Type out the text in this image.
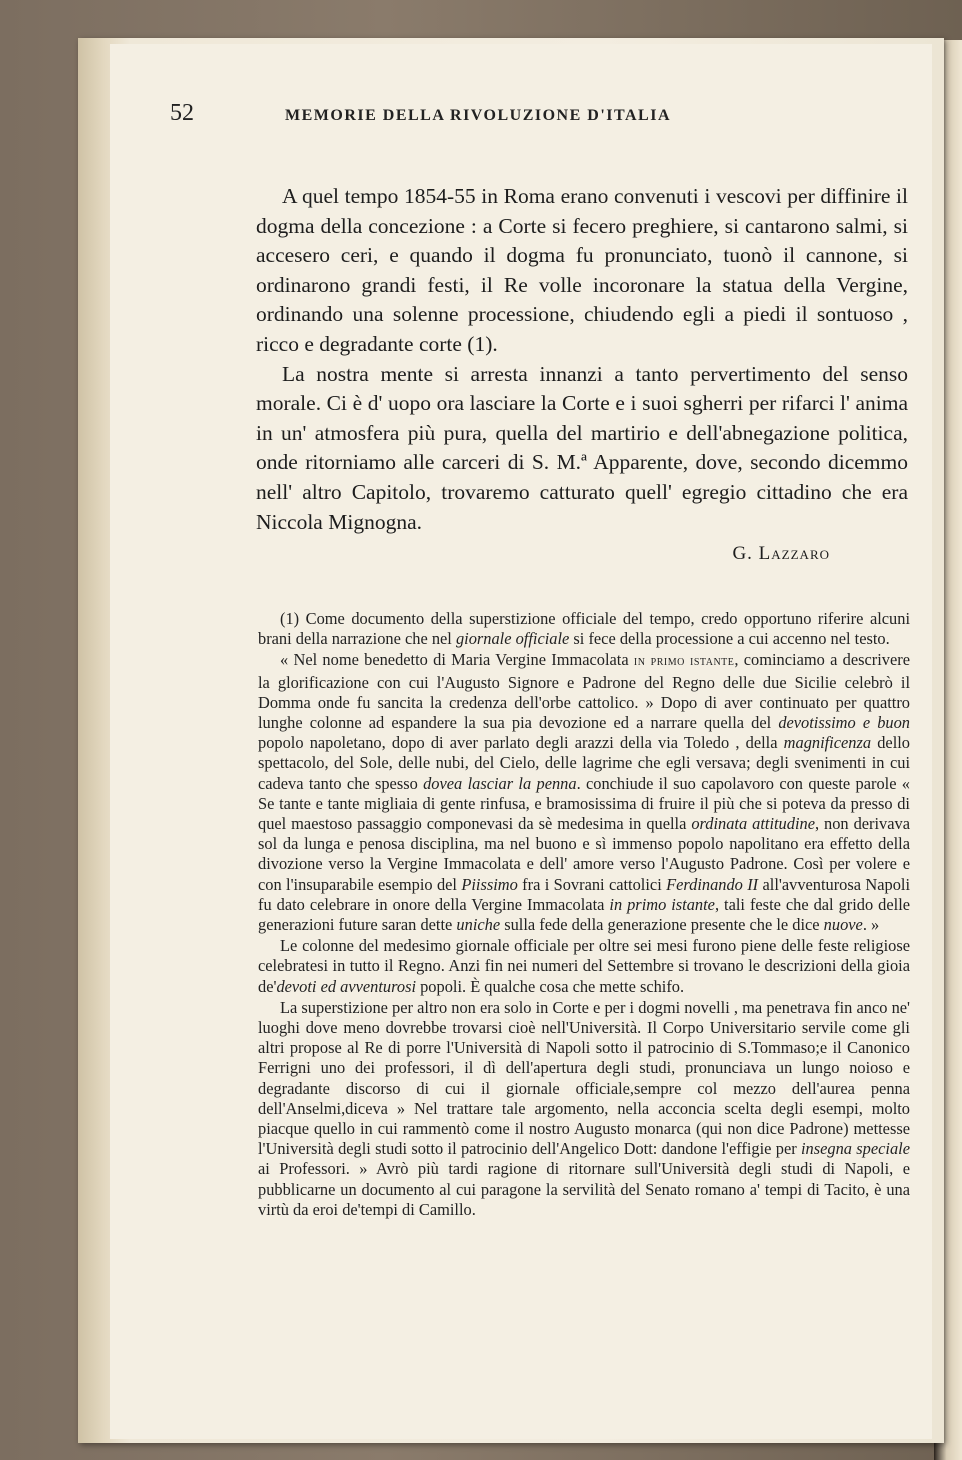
52	MEMORIE DELLA RIVOLUZIONE D'ITALIA

A quel tempo 1854-55 in Roma erano convenuti i vescovi per diffinire il dogma della concezione : a Corte si fecero preghiere, si cantarono salmi, si accesero ceri, e quando il dogma fu pronunciato, tuonò il cannone, si ordinarono grandi festi, il Re volle incoronare la statua della Vergine, ordinando una solenne processione, chiudendo egli a piedi il sontuoso , ricco e degradante corte (1).

La nostra mente si arresta innanzi a tanto pervertimento del senso morale. Ci è d' uopo ora lasciare la Corte e i suoi sgherri per rifarci l' anima in un' atmosfera più pura, quella del martirio e dell'abnegazione politica, onde ritorniamo alle carceri di S. M.ª Apparente, dove, secondo dicemmo nell' altro Capitolo, trovaremo catturato quell' egregio cittadino che era Niccola Mignogna.

G. Lazzaro

(1) Come documento della superstizione officiale del tempo, credo opportuno riferire alcuni brani della narrazione che nel giornale officiale si fece della processione a cui accenno nel testo.

« Nel nome benedetto di Maria Vergine Immacolata in primo istante, cominciamo a descrivere la glorificazione con cui l'Augusto Signore e Padrone del Regno delle due Sicilie celebrò il Domma onde fu sancita la credenza dell'orbe cattolico. » Dopo di aver continuato per quattro lunghe colonne ad espandere la sua pia devozione ed a narrare quella del devotissimo e buon popolo napoletano, dopo di aver parlato degli arazzi della via Toledo , della magnificenza dello spettacolo, del Sole, delle nubi, del Cielo, delle lagrime che egli versava; degli svenimenti in cui cadeva tanto che spesso dovea lasciar la penna. conchiude il suo capolavoro con queste parole « Se tante e tante migliaia di gente rinfusa, e bramosissima di fruire il più che si poteva da presso di quel maestoso passaggio componevasi da sè medesima in quella ordinata attitudine, non derivava sol da lunga e penosa disciplina, ma nel buono e sì immenso popolo napolitano era effetto della divozione verso la Vergine Immacolata e dell' amore verso l'Augusto Padrone. Così per volere e con l'insuparabile esempio del Piissimo fra i Sovrani cattolici Ferdinando II all'avventurosa Napoli fu dato celebrare in onore della Vergine Immacolata in primo istante, tali feste che dal grido delle generazioni future saran dette uniche sulla fede della generazione presente che le dice nuove. »

Le colonne del medesimo giornale officiale per oltre sei mesi furono piene delle feste religiose celebratesi in tutto il Regno. Anzi fin nei numeri del Settembre si trovano le descrizioni della gioia de'devoti ed avventurosi popoli. È qualche cosa che mette schifo.

La superstizione per altro non era solo in Corte e per i dogmi novelli , ma penetrava fin anco ne' luoghi dove meno dovrebbe trovarsi cioè nell'Università. Il Corpo Universitario servile come gli altri propose al Re di porre l'Università di Napoli sotto il patrocinio di S.Tommaso;e il Canonico Ferrigni uno dei professori, il dì dell'apertura degli studi, pronunciava un lungo noioso e degradante discorso di cui il giornale officiale,sempre col mezzo dell'aurea penna dell'Anselmi,diceva » Nel trattare tale argomento, nella acconcia scelta degli esempi, molto piacque quello in cui rammentò come il nostro Augusto monarca (qui non dice Padrone) mettesse l'Università degli studi sotto il patrocinio dell'Angelico Dott: dandone l'effigie per insegna speciale ai Professori. » Avrò più tardi ragione di ritornare sull'Università degli studi di Napoli, e pubblicarne un documento al cui paragone la servilità del Senato romano a' tempi di Tacito, è una virtù da eroi de'tempi di Camillo.
